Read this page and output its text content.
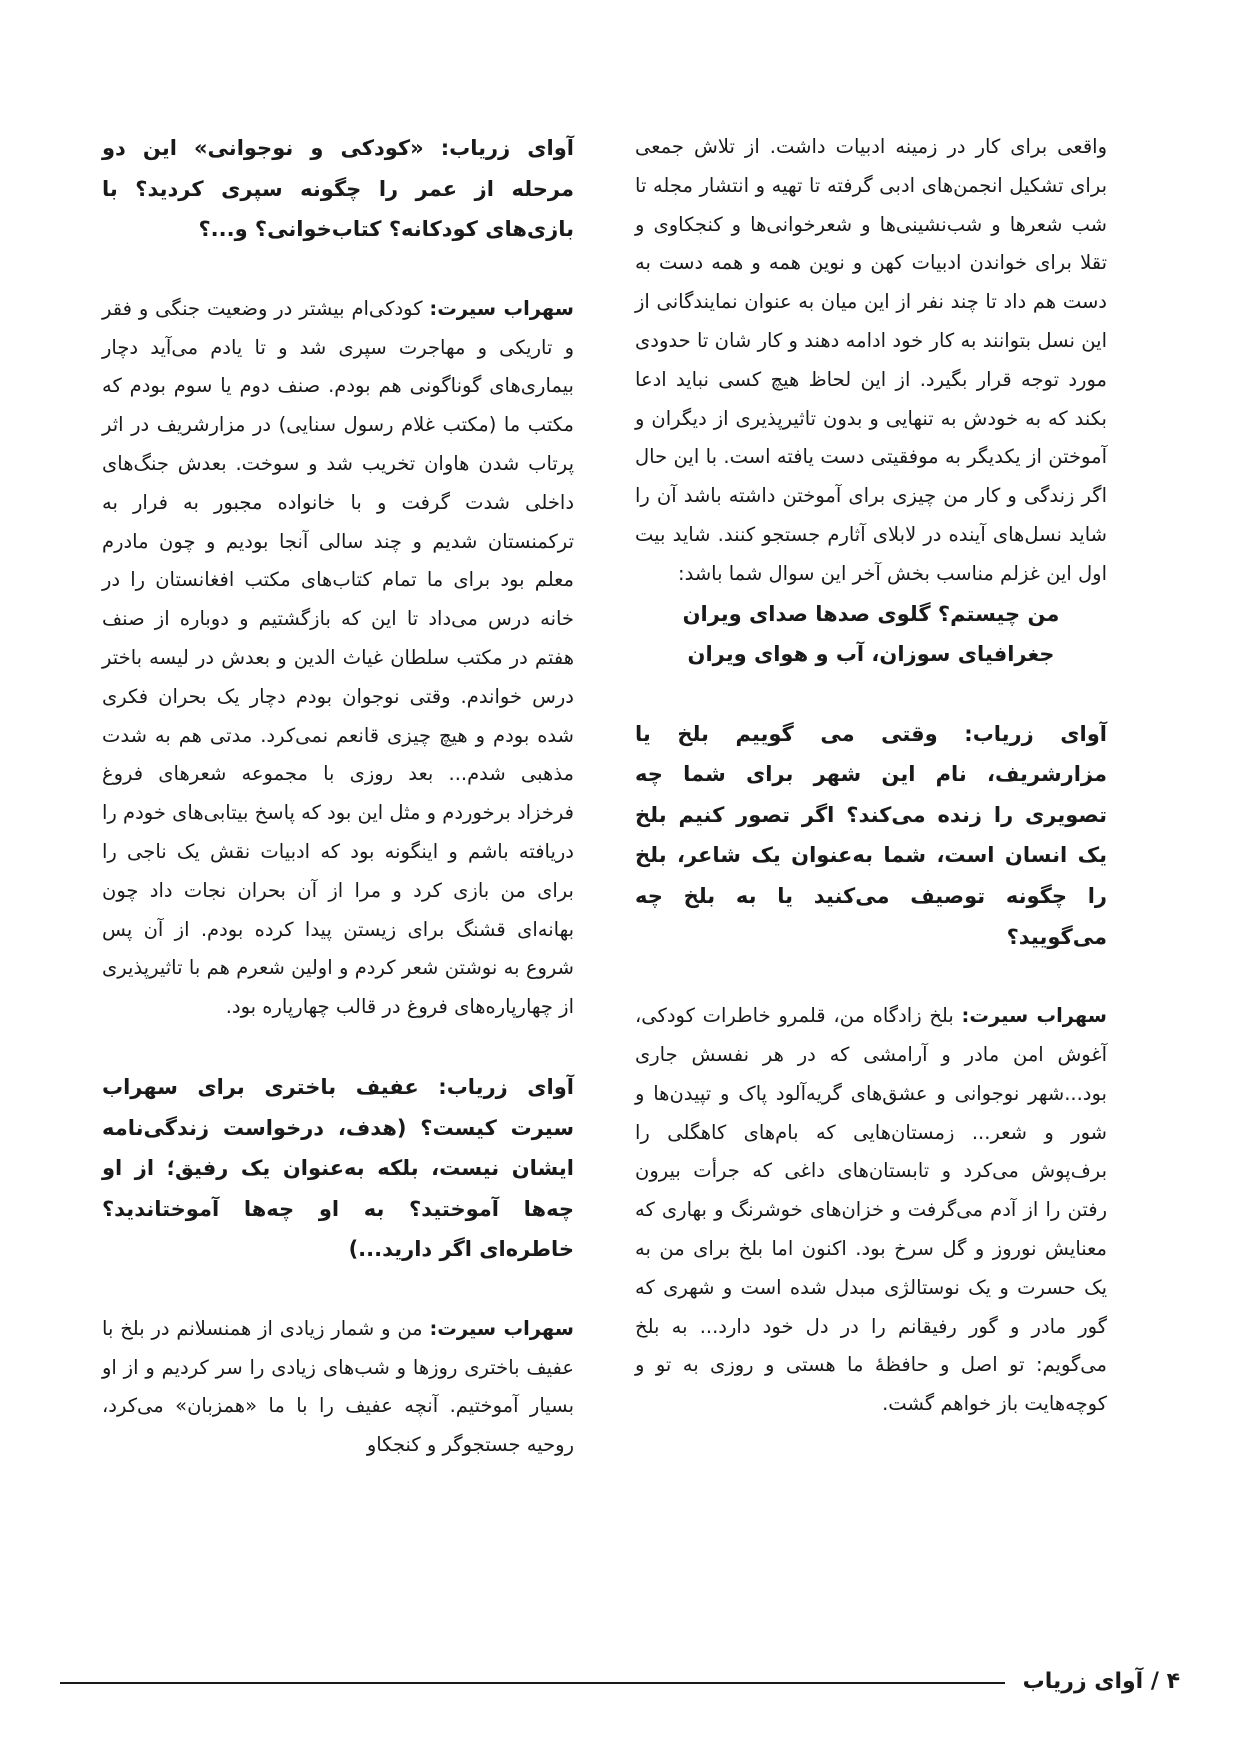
واقعی برای کار در زمینه ادبیات داشت. از تلاش جمعی برای تشکیل انجمن‌های ادبی گرفته تا تهیه و انتشار مجله تا شب شعرها و شب‌نشینی‌ها و شعرخوانی‌ها و کنجکاوی و تقلا برای خواندن ادبیات کهن و نوین همه و همه دست به دست هم داد تا چند نفر از این میان به عنوان نمایندگانی از این نسل بتوانند به کار خود ادامه دهند و کار شان تا حدودی مورد توجه قرار بگیرد. از این لحاظ هیچ کسی نباید ادعا بکند که به خودش به تنهایی و بدون تاثیرپذیری از دیگران و آموختن از یکدیگر به موفقیتی دست یافته است. با این حال اگر زندگی و کار من چیزی برای آموختن داشته باشد آن را شاید نسل‌های آینده در لابلای آثارم جستجو کنند. شاید بیت اول این غزلم مناسب بخش آخر این سوال شما باشد:

من چیستم؟ گلوی صدها صدای ویران

جغرافیای سوزان، آب و هوای ویران

آوای زریاب: وقتی می گوییم بلخ یا مزارشریف، نام این شهر برای شما چه تصویری را زنده می‌کند؟ اگر تصور کنیم بلخ یک انسان است، شما به‌عنوان یک شاعر، بلخ را چگونه توصیف می‌کنید یا به بلخ چه می‌گویید؟

سهراب سیرت: بلخ زادگاه من، قلمرو خاطرات کودکی، آغوش امن مادر و آرامشی که در هر نفسش جاری بود...شهر نوجوانی و عشق‌های گریه‌آلود پاک و تپیدن‌ها و شور و شعر... زمستان‌هایی که بام‌های کاهگلی را برف‌پوش می‌کرد و تابستان‌های داغی که جرأت بیرون رفتن را از آدم می‌گرفت و خزان‌های خوشرنگ و بهاری که معنایش نوروز و گل سرخ بود. اکنون اما بلخ برای من به یک حسرت و یک نوستالژی مبدل شده است و شهری که گور مادر و گور رفیقانم را در دل خود دارد... به بلخ می‌گویم: تو اصل و حافظهٔ ما هستی و روزی به تو و کوچه‌هایت باز خواهم گشت.

آوای زریاب: «کودکی و نوجوانی» این دو مرحله از عمر را چگونه سپری کردید؟ با بازی‌های کودکانه؟ کتاب‌خوانی؟ و...؟

سهراب سیرت: کودکی‌ام بیشتر در وضعیت جنگی و فقر و تاریکی و مهاجرت سپری شد و تا یادم می‌آید دچار بیماری‌های گوناگونی هم بودم. صنف دوم یا سوم بودم که مکتب ما (مکتب غلام رسول سنایی) در مزارشریف در اثر پرتاب شدن هاوان تخریب شد و سوخت. بعدش جنگ‌های داخلی شدت گرفت و با خانواده مجبور به فرار به ترکمنستان شدیم و چند سالی آنجا بودیم و چون مادرم معلم بود برای ما تمام کتاب‌های مکتب افغانستان را در خانه درس می‌داد تا این که بازگشتیم و دوباره از صنف هفتم در مکتب سلطان غیاث الدین و بعدش در لیسه باختر درس خواندم. وقتی نوجوان بودم دچار یک بحران فکری شده بودم و هیچ چیزی قانعم نمی‌کرد. مدتی هم به شدت مذهبی شدم... بعد روزی با مجموعه شعرهای فروغ فرخزاد برخوردم و مثل این بود که پاسخ بیتابی‌های خودم را دریافته باشم و اینگونه بود که ادبیات نقش یک ناجی را برای من بازی کرد و مرا از آن بحران نجات داد چون بهانه‌ای قشنگ برای زیستن پیدا کرده بودم. از آن پس شروع به نوشتن شعر کردم و اولین شعرم هم با تاثیرپذیری از چهارپاره‌های فروغ در قالب چهارپاره بود.

آوای زریاب: عفیف باختری برای سهراب سیرت کیست؟ (هدف، درخواست زندگی‌نامه ایشان نیست، بلکه به‌عنوان یک رفیق؛ از او چه‌ها آموختید؟ به او چه‌ها آموختاندید؟ خاطره‌ای اگر دارید...)

سهراب سیرت: من و شمار زیادی از همنسلانم در بلخ با عفیف باختری روزها و شب‌های زیادی را سر کردیم و از او بسیار آموختیم. آنچه عفیف را با ما «همزبان» می‌کرد، روحیه جستجوگر و کنجکاو

۴ / آوای زریاب
